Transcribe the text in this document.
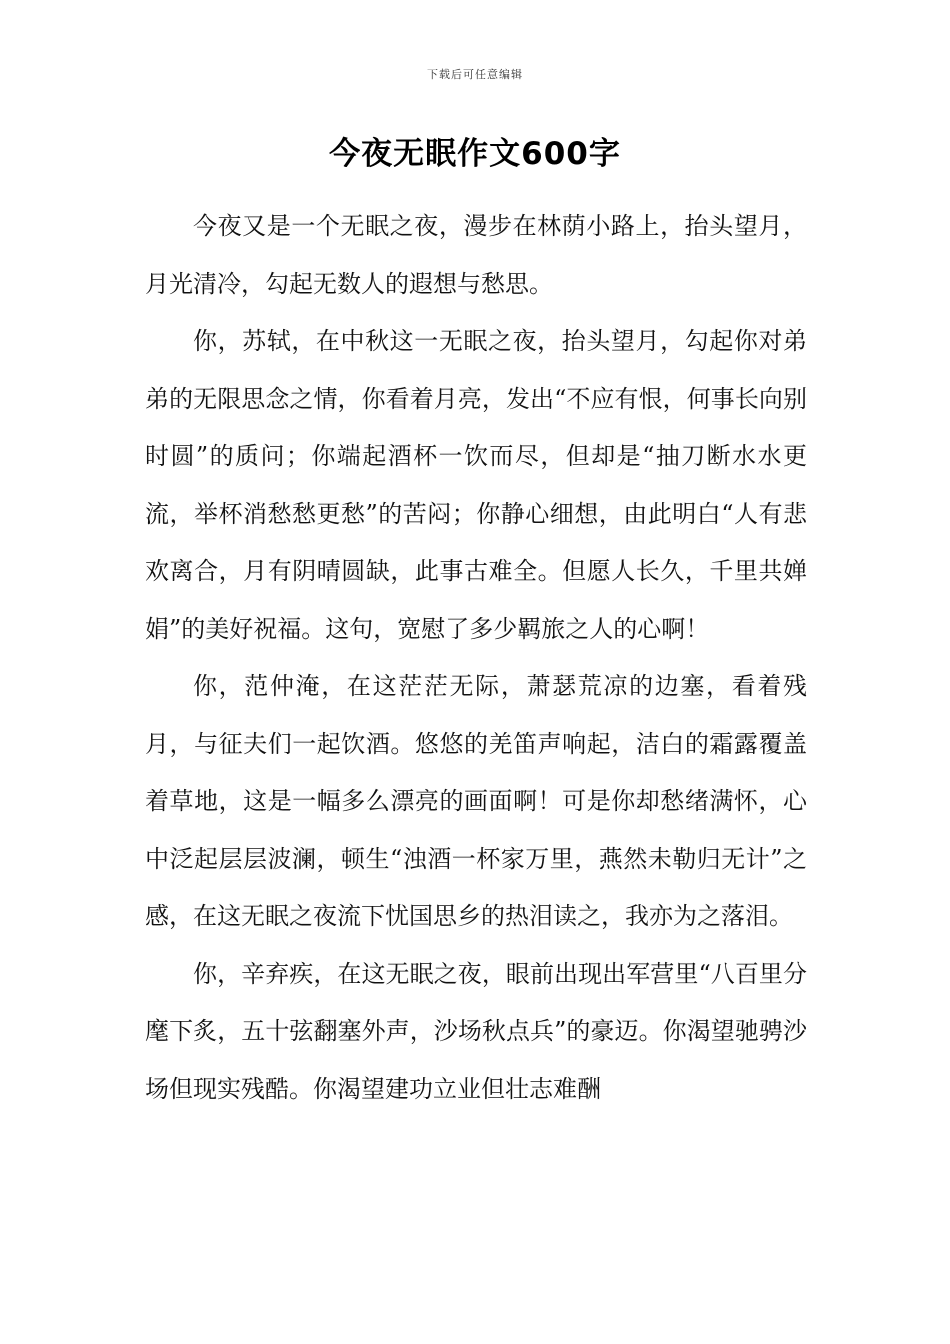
下载后可任意编辑
今夜无眠作文600字

今夜又是一个无眠之夜，漫步在林荫小路上，抬头望月，月光清冷，勾起无数人的遐想与愁思。

你，苏轼，在中秋这一无眠之夜，抬头望月，勾起你对弟弟的无限思念之情，你看着月亮，发出“不应有恨，何事长向别时圆”的质问；你端起酒杯一饮而尽，但却是“抽刀断水水更流，举杯消愁愁更愁”的苦闷；你静心细想，由此明白“人有悲欢离合，月有阴晴圆缺，此事古难全。但愿人长久，千里共婵娟”的美好祝福。这句，宽慰了多少羁旅之人的心啊！

你，范仲淹，在这茫茫无际，萧瑟荒凉的边塞，看着残月，与征夫们一起饮酒。悠悠的羌笛声响起，洁白的霜露覆盖着草地，这是一幅多么漂亮的画面啊！可是你却愁绪满怀，心中泛起层层波澜，顿生“浊酒一杯家万里，燕然未勒归无计”之感，在这无眠之夜流下忧国思乡的热泪读之，我亦为之落泪。

你，辛弃疾，在这无眠之夜，眼前出现出军营里“八百里分麾下炙，五十弦翻塞外声，沙场秋点兵”的豪迈。你渴望驰骋沙场但现实残酷。你渴望建功立业但壮志难酬
